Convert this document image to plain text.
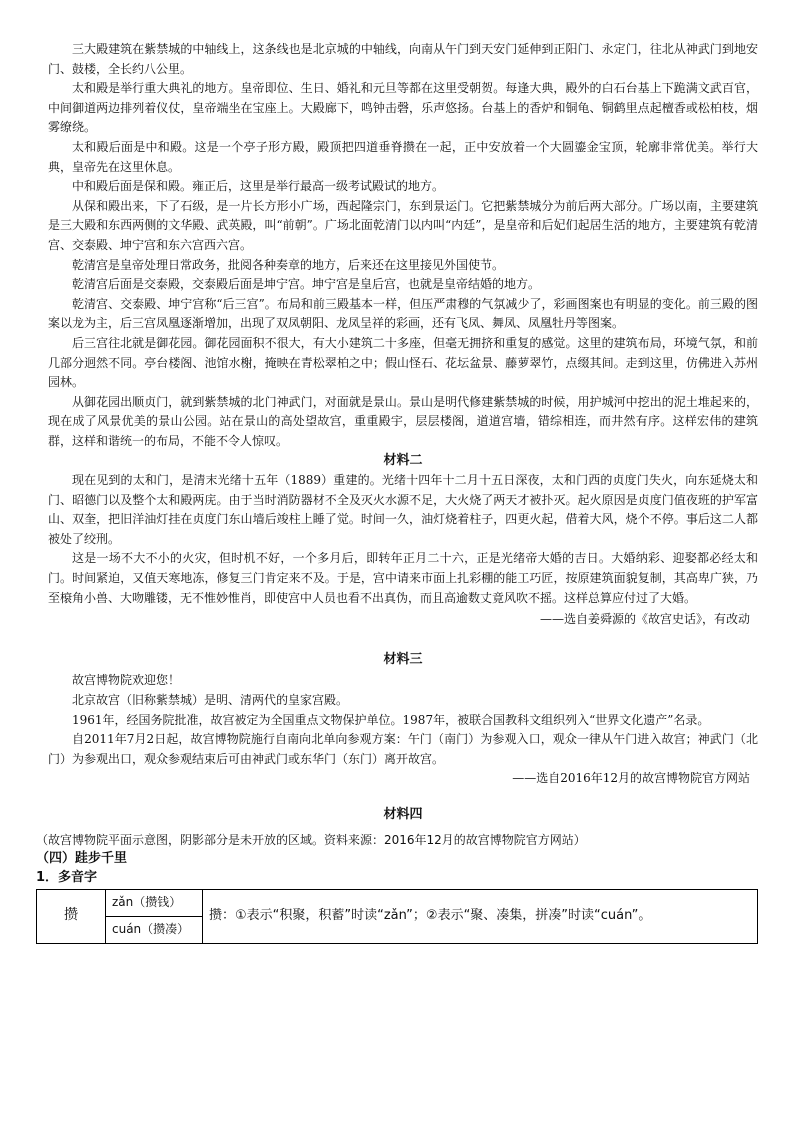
三大殿建筑在紫禁城的中轴线上，这条线也是北京城的中轴线，向南从午门到天安门延伸到正阳门、永定门，往北从神武门到地安门、鼓楼，全长约八公里。

太和殿是举行重大典礼的地方。皇帝即位、生日、婚礼和元旦等都在这里受朝贺。每逢大典，殿外的白石台基上下跪满文武百官，中间御道两边排列着仪仗，皇帝端坐在宝座上。大殿廊下，鸣钟击磬，乐声悠扬。台基上的香炉和铜龟、铜鹤里点起檀香或松柏枝，烟雾缭绕。

太和殿后面是中和殿。这是一个亭子形方殿，殿顶把四道垂脊攒在一起，正中安放着一个大圆鎏金宝顶，轮廓非常优美。举行大典，皇帝先在这里休息。

中和殿后面是保和殿。雍正后，这里是举行最高一级考试殿试的地方。

从保和殿出来，下了石级，是一片长方形小广场，西起隆宗门，东到景运门。它把紫禁城分为前后两大部分。广场以南，主要建筑是三大殿和东西两侧的文华殿、武英殿，叫“前朝”。广场北面乾清门以内叫“内廷”，是皇帝和后妃们起居生活的地方，主要建筑有乾清宫、交泰殿、坤宁宫和东六宫西六宫。

乾清宫是皇帝处理日常政务，批阅各种奏章的地方，后来还在这里接见外国使节。

乾清宫后面是交泰殿，交泰殿后面是坤宁宫。坤宁宫是皇后宫，也就是皇帝结婚的地方。

乾清宫、交泰殿、坤宁宫称“后三宫”。布局和前三殿基本一样，但压严肃穆的气氛减少了，彩画图案也有明显的变化。前三殿的图案以龙为主，后三宫凤凰逐渐增加，出现了双凤朝阳、龙凤呈祥的彩画，还有飞凤、舞凤、凤凰牡丹等图案。

后三宫往北就是御花园。御花园面积不很大，有大小建筑二十多座，但毫无拥挤和重复的感觉。这里的建筑布局，环境气氛，和前几部分迥然不同。亭台楼阁、池馆水榭，掩映在青松翠柏之中；假山怪石、花坛盆景、藤萝翠竹，点缀其间。走到这里，仿佛进入苏州园林。

从御花园出顺贞门，就到紫禁城的北门神武门，对面就是景山。景山是明代修建紫禁城的时候，用护城河中挖出的泥土堆起来的，现在成了风景优美的景山公园。站在景山的高处望故宫，重重殿宇，层层楼阁，道道宫墙，错综相连，而井然有序。这样宏伟的建筑群，这样和谐统一的布局，不能不令人惊叹。

材料二

现在见到的太和门，是清末光绪十五年（1889）重建的。光绪十四年十二月十五日深夜，太和门西的贞度门失火，向东延烧太和门、昭德门以及整个太和殿两庑。由于当时消防器材不全及灭火水源不足，大火烧了两天才被扑灭。起火原因是贞度门值夜班的护军富山、双奎，把旧洋油灯挂在贞度门东山墙后竣柱上睡了觉。时间一久，油灯烧着柱子，四更火起，借着大风，烧个不停。事后这二人都被处了绞刑。

这是一场不大不小的火灾，但时机不好，一个多月后，即转年正月二十六，正是光绪帝大婚的吉日。大婚纳彩、迎娶都必经太和门。时间紧迫，又值天寒地冻，修复三门肯定来不及。于是，宫中请来市面上扎彩棚的能工巧匠，按原建筑面貌复制，其高卑广狭，乃至榱角小兽、大吻雕镂，无不惟妙惟肖，即使宫中人员也看不出真伪，而且高逾数丈竟风吹不摇。这样总算应付过了大婚。

——选自姜舜源的《故宫史话》，有改动

材料三

故宫博物院欢迎您！

北京故宫（旧称紫禁城）是明、清两代的皇家宫殿。

1961年，经国务院批准，故宫被定为全国重点文物保护单位。1987年，被联合国教科文组织列入“世界文化遗产”名录。

自2011年7月2日起，故宫博物院施行自南向北单向参观方案：午门（南门）为参观入口，观众一律从午门进入故宫；神武门（北门）为参观出口，观众参观结束后可由神武门或东华门（东门）离开故宫。

——选自2016年12月的故宫博物院官方网站

材料四

（故宫博物院平面示意图，阴影部分是未开放的区域。资料来源：2016年12月的故宫博物院官方网站）

（四）跬步千里

1．多音字

攒	zǎn（攒钱）	攒：①表示“积聚，积蓄”时读“zǎn”；②表示“聚、凑集，拼凑”时读“cuán”。
cuán（攒凑）
